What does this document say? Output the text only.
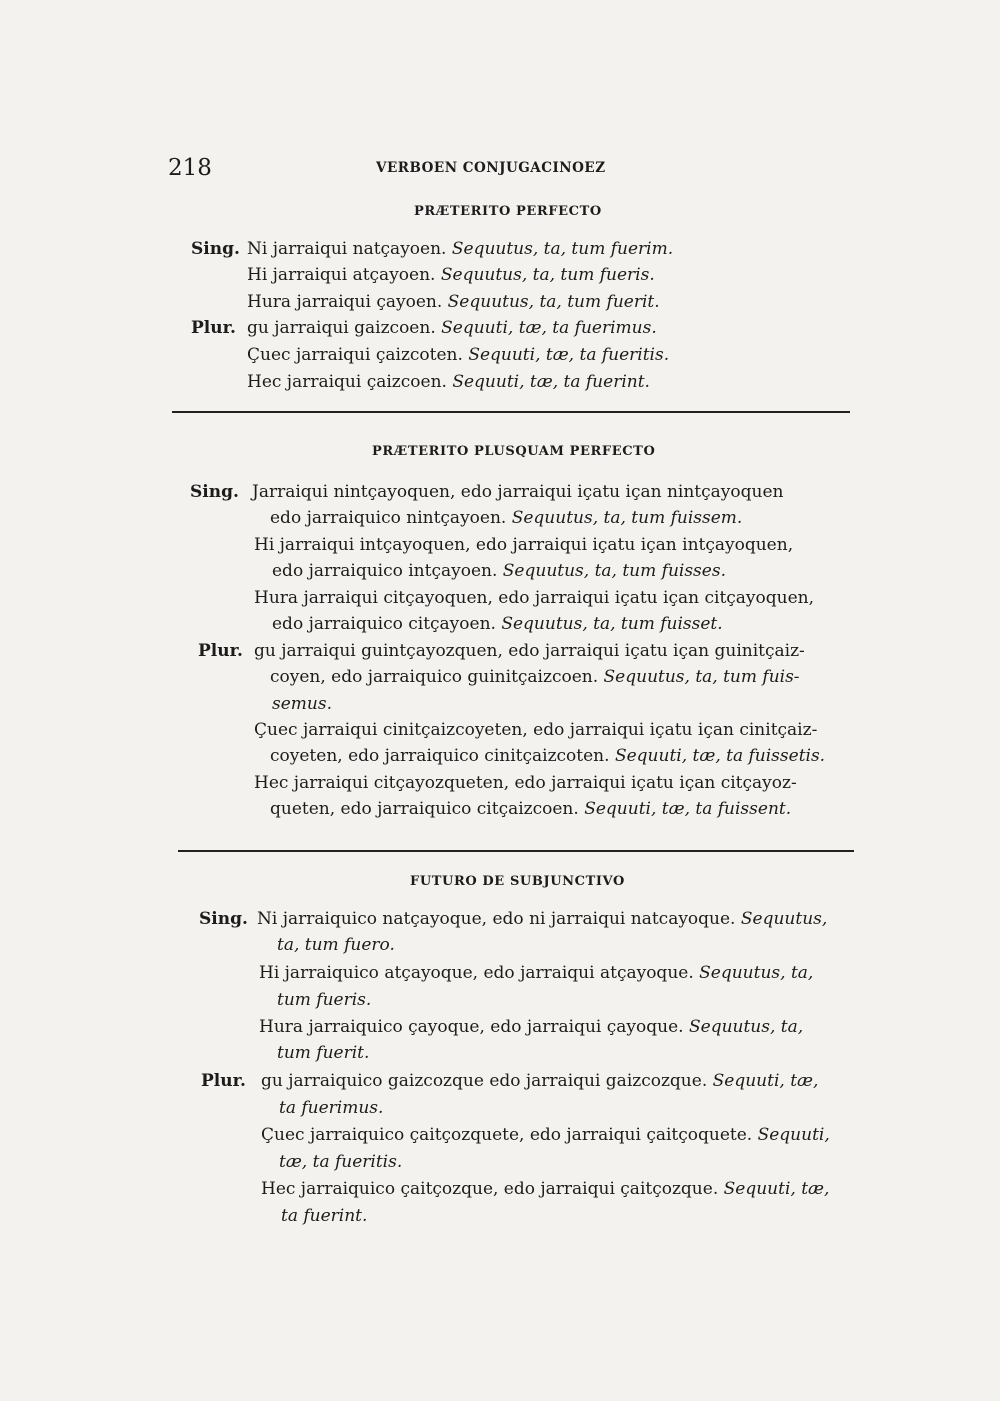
218	VERBOEN CONJUGACINOEZ
PRÆTERITO PERFECTO
Sing.
Plur.
Ni jarraiqui natçayoen. Sequutus, ta, tum fuerim.
Hi jarraiqui atçayoen. Sequutus, ta, tum fueris.
Hura jarraiqui çayoen. Sequutus, ta, tum fuerit.
gu jarraiqui gaizcoen. Sequuti, tæ, ta fuerimus.
Çuec jarraiqui çaizcoten. Sequuti, tæ, ta fueritis.
Hec jarraiqui çaizcoen. Sequuti, tæ, ta fuerint.
PRÆTERITO PLUSQUAM PERFECTO
Sing.
Plur.
Jarraiqui nintçayoquen, edo jarraiqui içatu içan nintçayoquen
edo jarraiquico nintçayoen. Sequutus, ta, tum fuissem.
Hi jarraiqui intçayoquen, edo jarraiqui içatu içan intçayoquen,
edo jarraiquico intçayoen. Sequutus, ta, tum fuisses.
Hura jarraiqui citçayoquen, edo jarraiqui içatu içan citçayoquen,
edo jarraiquico citçayoen. Sequutus, ta, tum fuisset.
gu jarraiqui guintçayozquen, edo jarraiqui içatu içan guinitçaiz-
coyen, edo jarraiquico guinitçaizcoen. Sequutus, ta, tum fuis-
semus.
Çuec jarraiqui cinitçaizcoyeten, edo jarraiqui içatu içan cinitçaiz-
coyeten, edo jarraiquico cinitçaizcoten. Sequuti, tæ, ta fuissetis.
Hec jarraiqui citçayozqueten, edo jarraiqui içatu içan citçayoz-
queten, edo jarraiquico citçaizcoen. Sequuti, tæ, ta fuissent.
FUTURO DE SUBJUNCTIVO
Sing.
Plur.
Ni jarraiquico natçayoque, edo ni jarraiqui natcayoque. Sequutus,
ta, tum fuero.
Hi jarraiquico atçayoque, edo jarraiqui atçayoque. Sequutus, ta,
tum fueris.
Hura jarraiquico çayoque, edo jarraiqui çayoque. Sequutus, ta,
tum fuerit.
gu jarraiquico gaizcozque edo jarraiqui gaizcozque. Sequuti, tæ,
ta fuerimus.
Çuec jarraiquico çaitçozquete, edo jarraiqui çaitçoquete. Sequuti,
tæ, ta fueritis.
Hec jarraiquico çaitçozque, edo jarraiqui çaitçozque. Sequuti, tæ,
ta fuerint.
